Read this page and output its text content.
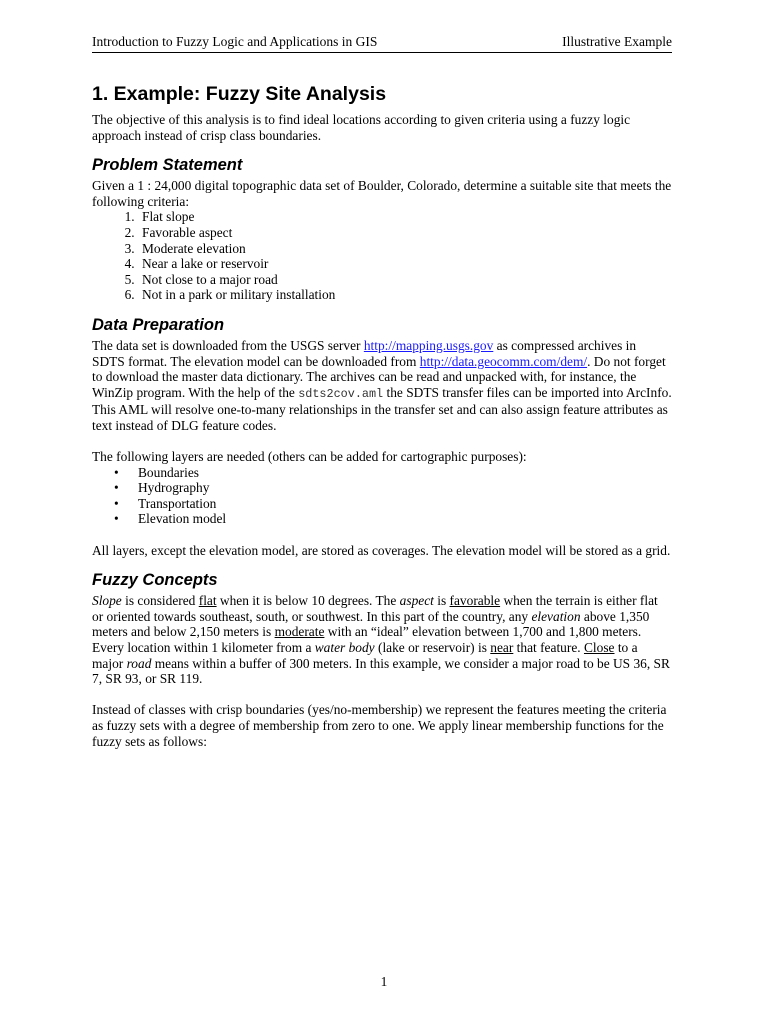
Introduction to Fuzzy Logic and Applications in GIS	Illustrative Example
1. Example: Fuzzy Site Analysis

The objective of this analysis is to find ideal locations according to given criteria using a fuzzy logic approach instead of crisp class boundaries.

Problem Statement

Given a 1 : 24,000 digital topographic data set of Boulder, Colorado, determine a suitable site that meets the following criteria:

1. Flat slope
2. Favorable aspect
3. Moderate elevation
4. Near a lake or reservoir
5. Not close to a major road
6. Not in a park or military installation
Data Preparation

The data set is downloaded from the USGS server http://mapping.usgs.gov as compressed archives in SDTS format. The elevation model can be downloaded from http://data.geocomm.com/dem/. Do not forget to download the master data dictionary. The archives can be read and unpacked with, for instance, the WinZip program. With the help of the sdts2cov.aml the SDTS transfer files can be imported into ArcInfo. This AML will resolve one-to-many relationships in the transfer set and can also assign feature attributes as text instead of DLG feature codes.

The following layers are needed (others can be added for cartographic purposes):

• Boundaries
• Hydrography
• Transportation
• Elevation model

All layers, except the elevation model, are stored as coverages. The elevation model will be stored as a grid.

Fuzzy Concepts

Slope is considered flat when it is below 10 degrees. The aspect is favorable when the terrain is either flat or oriented towards southeast, south, or southwest. In this part of the country, any elevation above 1,350 meters and below 2,150 meters is moderate with an “ideal” elevation between 1,700 and 1,800 meters. Every location within 1 kilometer from a water body (lake or reservoir) is near that feature. Close to a major road means within a buffer of 300 meters. In this example, we consider a major road to be US 36, SR 7, SR 93, or SR 119.

Instead of classes with crisp boundaries (yes/no-membership) we represent the features meeting the criteria as fuzzy sets with a degree of membership from zero to one. We apply linear membership functions for the fuzzy sets as follows:

1
